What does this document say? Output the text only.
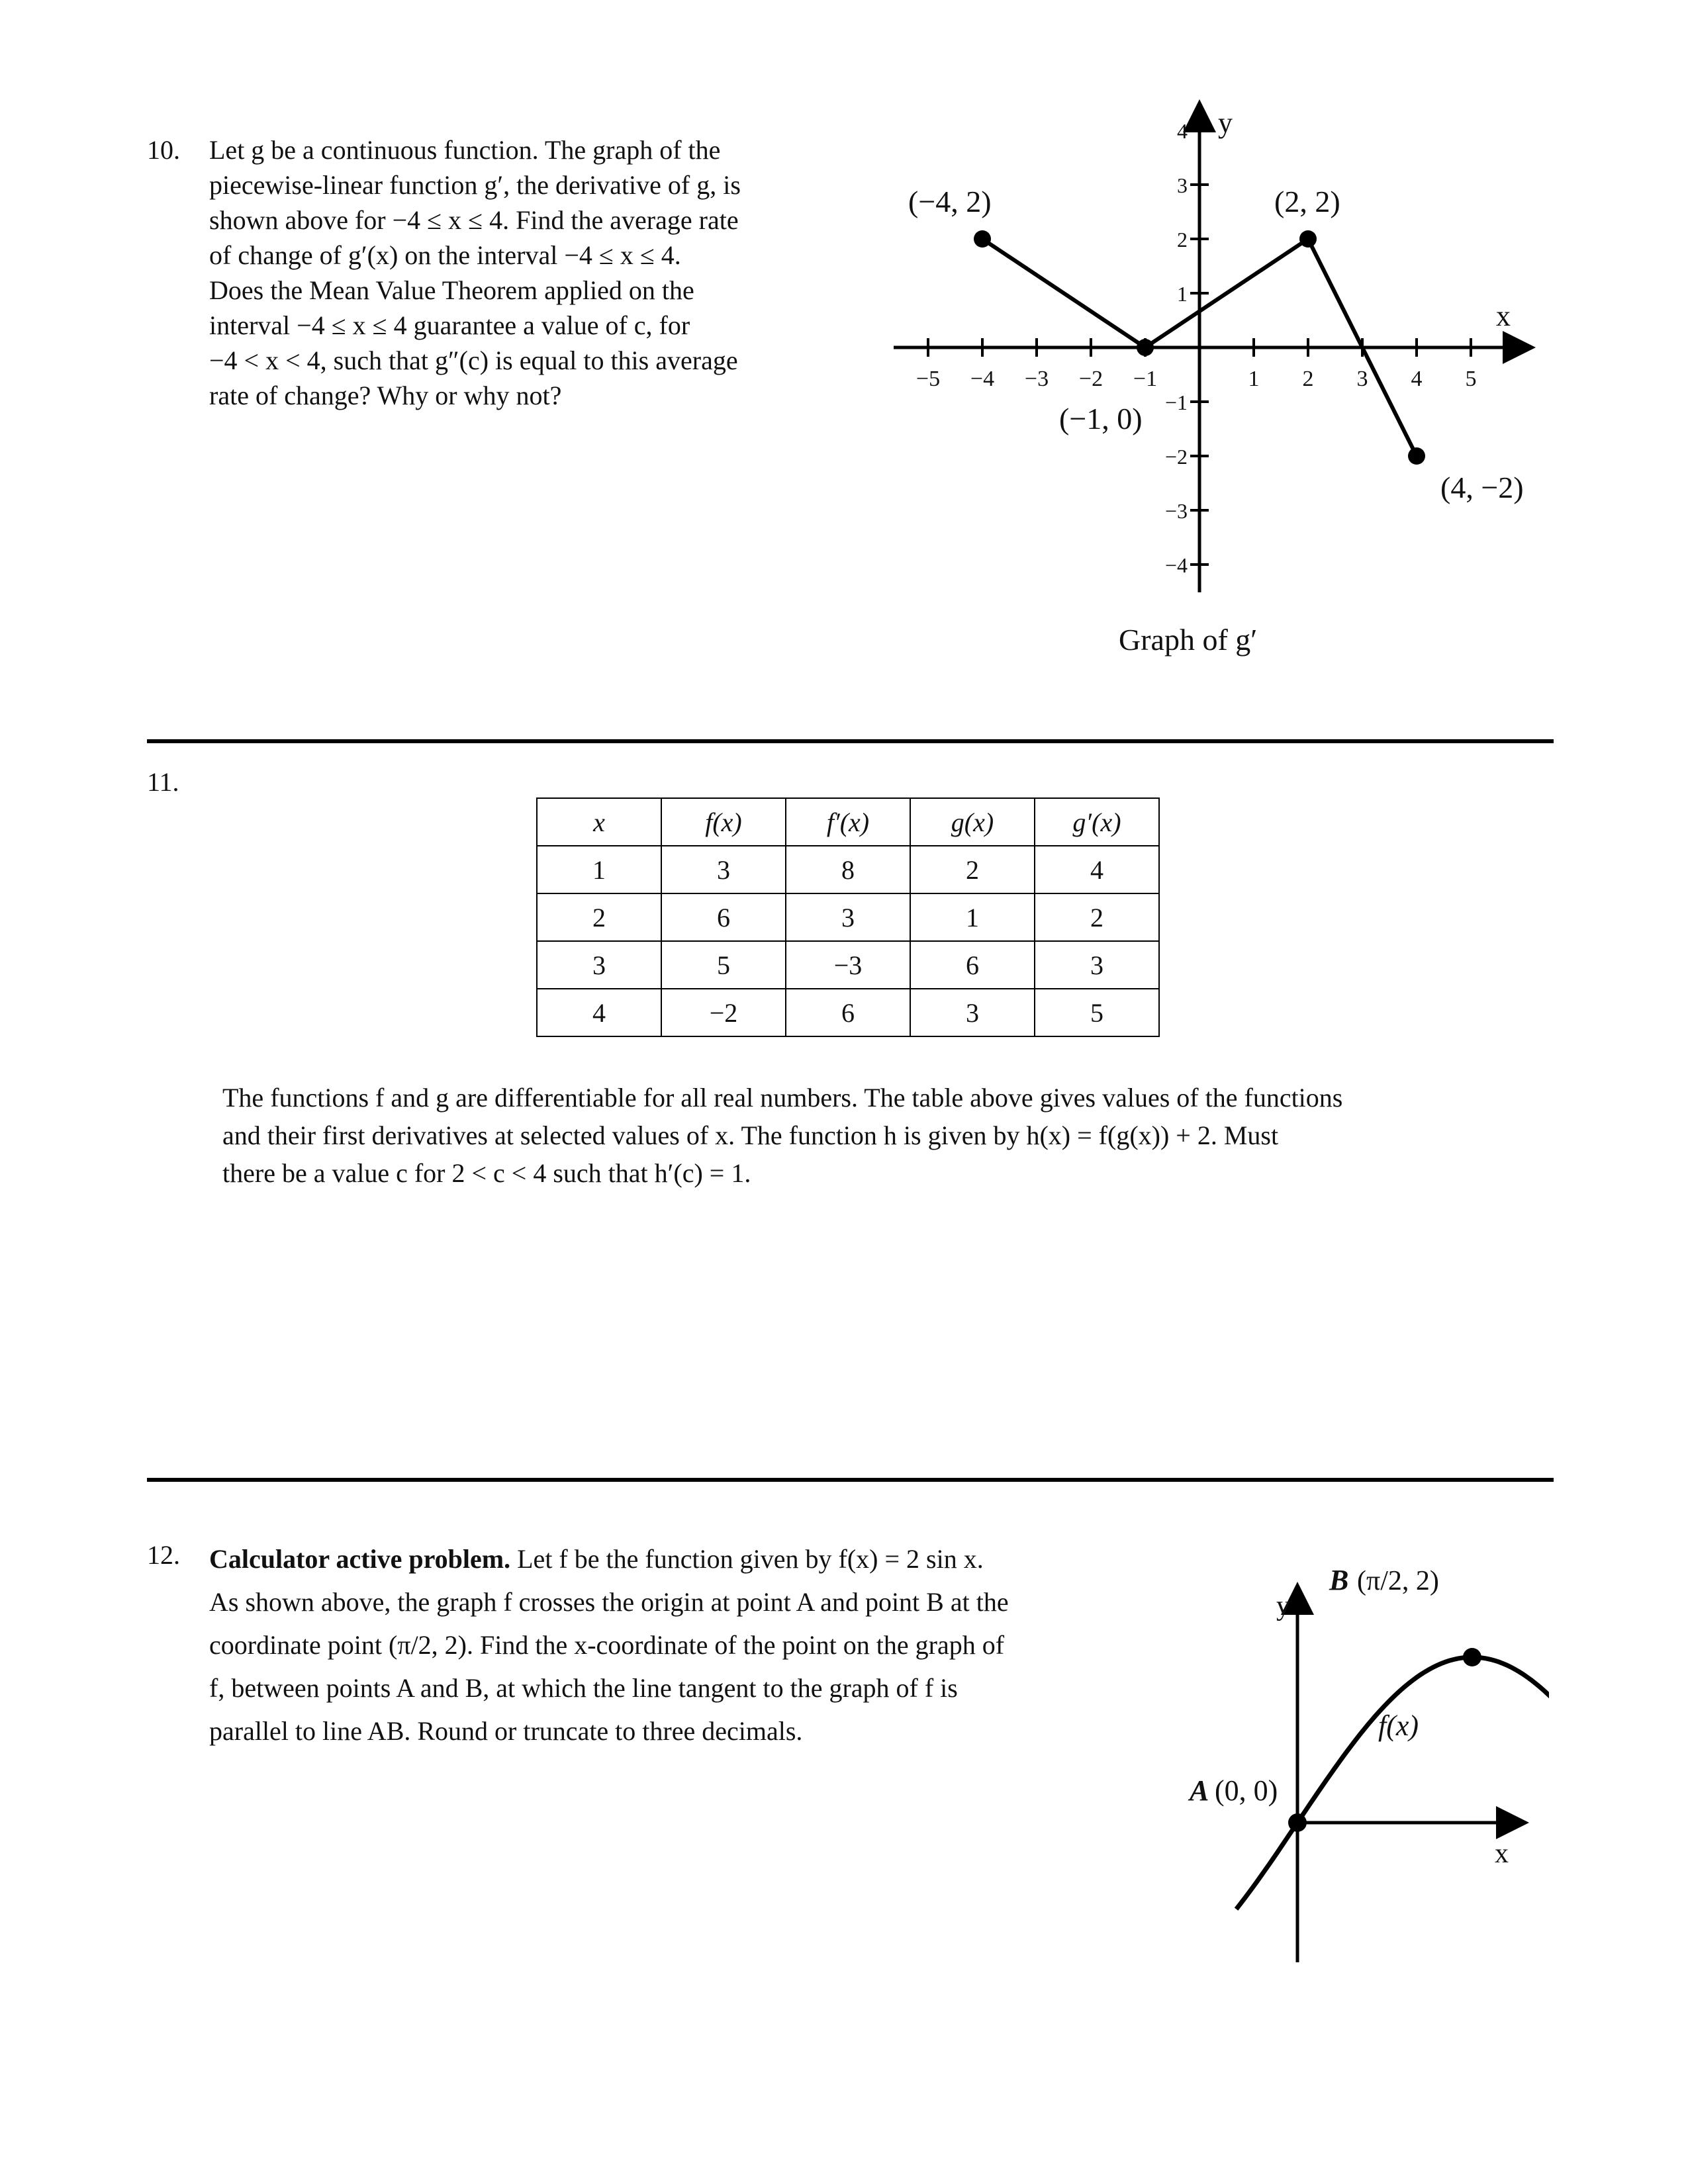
10. Let g be a continuous function. The graph of the
piecewise-linear function g′, the derivative of g, is
shown above for −4 ≤ x ≤ 4. Find the average rate
of change of g′(x) on the interval −4 ≤ x ≤ 4.
Does the Mean Value Theorem applied on the
interval −4 ≤ x ≤ 4 guarantee a value of c, for
−4 < x < 4, such that g″(c) is equal to this average
rate of change? Why or why not?
−5 −4 −3 −2 −1	1 2 3 4 5
4
3
2
1
−1
−2
−3
−4
y
x
(−4, 2)
(−1, 0)
(2, 2)
(4, −2)
Graph of g′
11.
x	f(x)	f′(x)	g(x)	g′(x)
1	3	8	2	4
2	6	3	1	2
3	5	−3	6	3
4	−2	6	3	5
The functions f and g are differentiable for all real numbers. The table above gives values of the functions
and their first derivatives at selected values of x. The function h is given by h(x) = f(g(x)) + 2. Must
there be a value c for 2 < c < 4 such that h′(c) = 1.
12. Calculator active problem. Let f be the function given by f(x) = 2 sin x.
As shown above, the graph f crosses the origin at point A and point B at the
coordinate point (π/2, 2). Find the x-coordinate of the point on the graph of
f, between points A and B, at which the line tangent to the graph of f is
parallel to line AB. Round or truncate to three decimals.
y
x
f(x)
A (0, 0)
B (π/2, 2)
